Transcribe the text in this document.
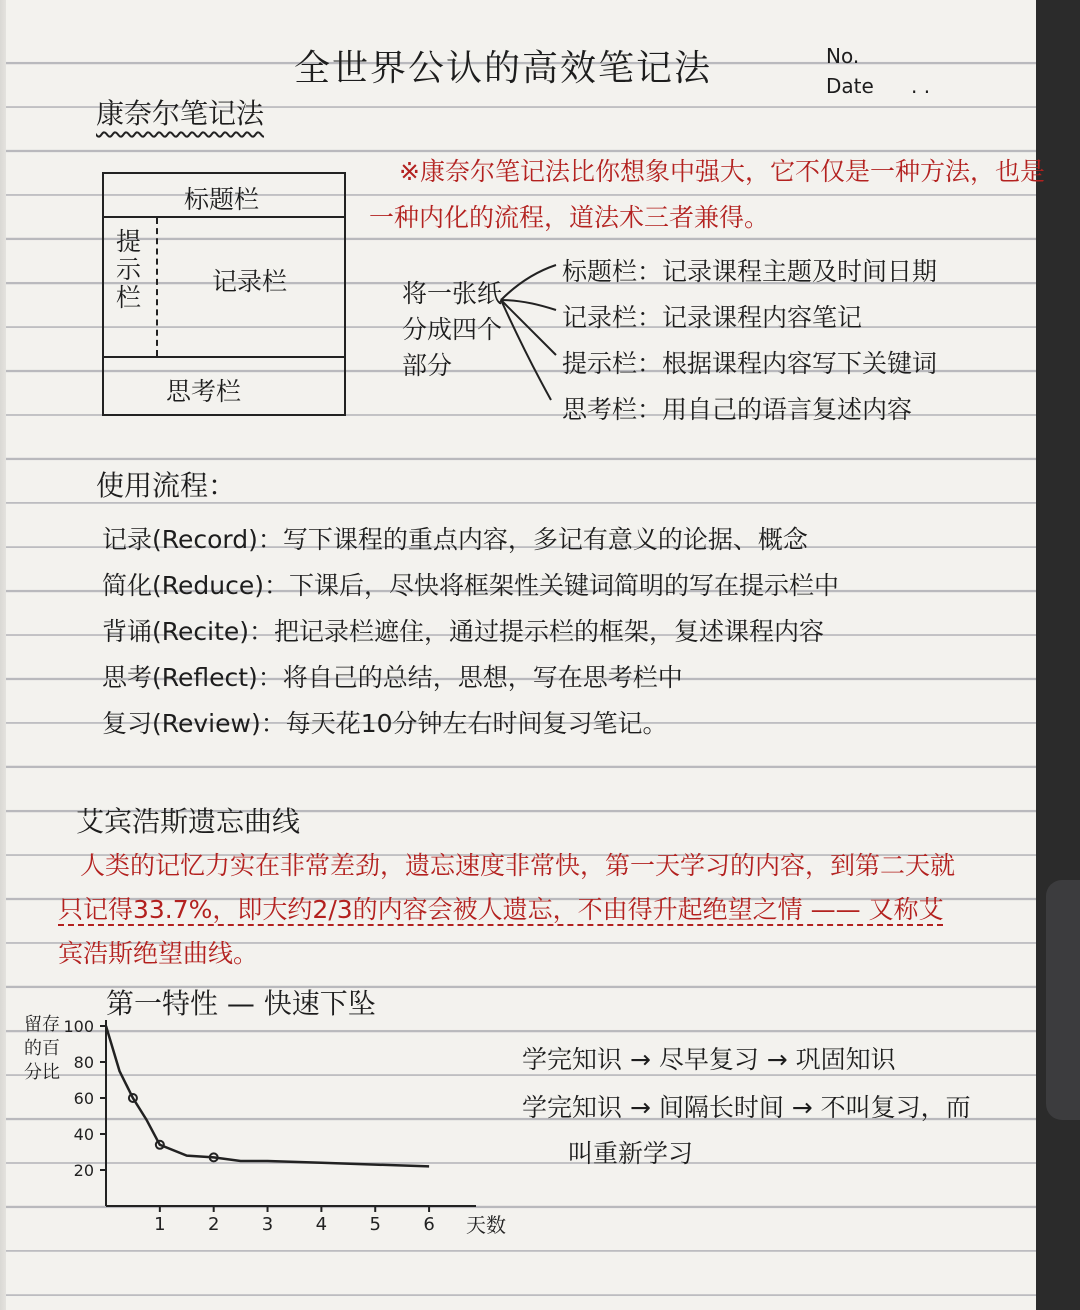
全世界公认的高效笔记法	No.
Date . .
康奈尔笔记法
※康奈尔笔记法比你想象中强大，它不仅是一种方法，也是
一种内化的流程，道法术三者兼得。
标题栏
提示栏
记录栏
思考栏
将一张纸分成四个部分
标题栏：记录课程主题及时间日期
记录栏：记录课程内容笔记
提示栏：根据课程内容写下关键词
思考栏：用自己的语言复述内容
使用流程：
记录(Record)：写下课程的重点内容，多记有意义的论据、概念
简化(Reduce)：下课后，尽快将框架性关键词简明的写在提示栏中
背诵(Recite)：把记录栏遮住，通过提示栏的框架，复述课程内容
思考(Reflect)：将自己的总结，思想，写在思考栏中
复习(Review)：每天花10分钟左右时间复习笔记。
艾宾浩斯遗忘曲线
人类的记忆力实在非常差劲，遗忘速度非常快，第一天学习的内容，到第二天就
只记得33.7%，即大约2/3的内容会被人遗忘，不由得升起绝望之情 —— 又称艾
宾浩斯绝望曲线。
第一特性 — 快速下坠
20
40
60
80
100
1 2 3 4 5 6 天数
留存
的百
分比	学完知识 → 尽早复习 → 巩固知识
学完知识 → 间隔长时间 → 不叫复习，而
叫重新学习
